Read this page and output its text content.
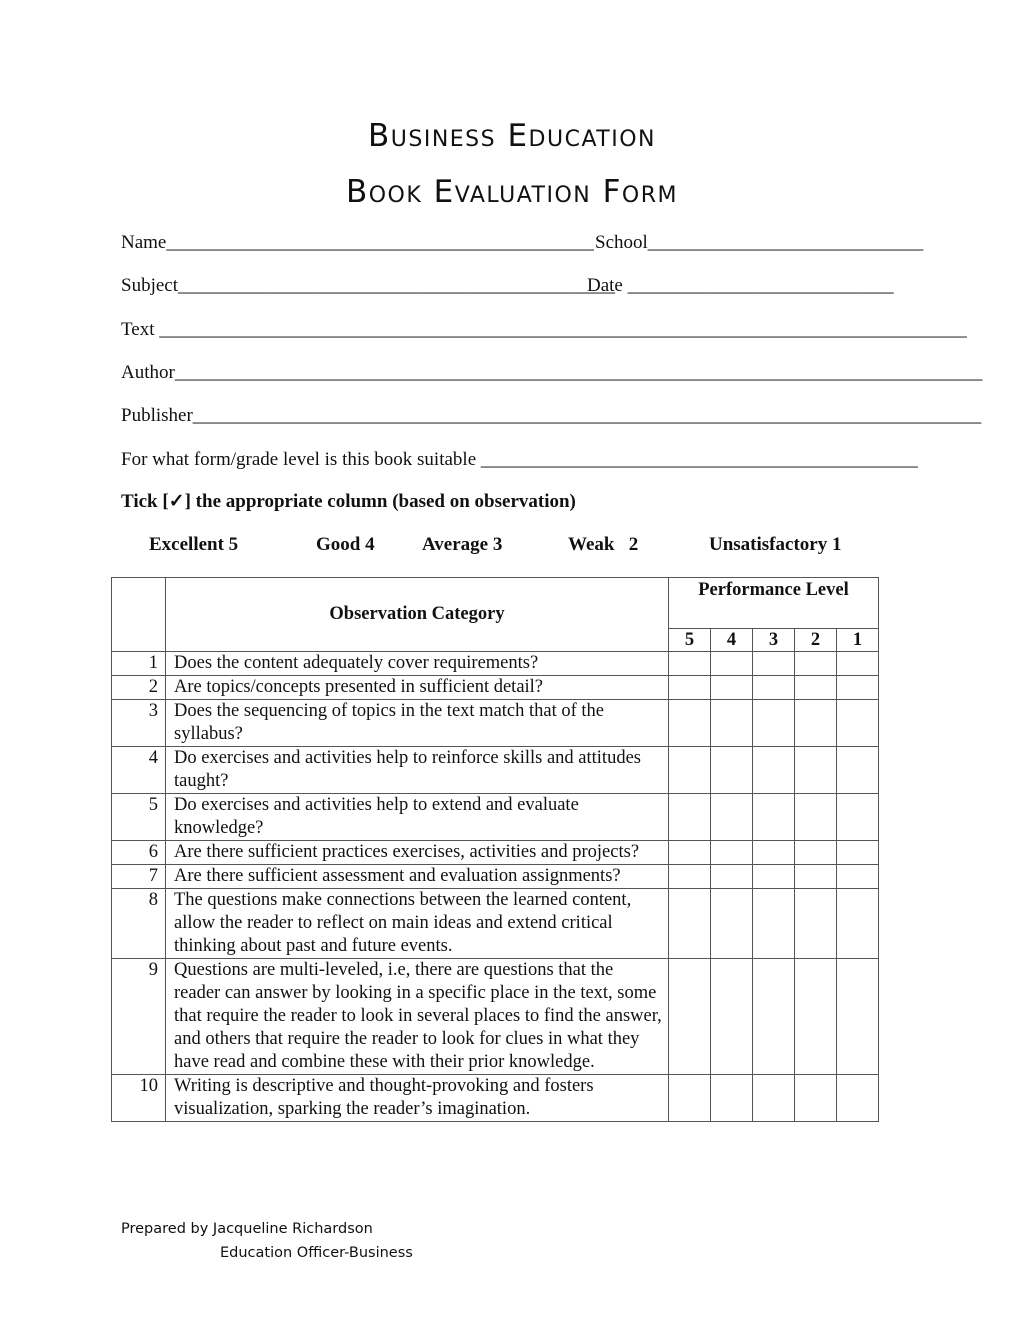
Business Education
Book Evaluation Form
Name_____________________________________________ School_____________________________
Subject______________________________________________
Date ____________________________
Text _____________________________________________________________________________________
Author_____________________________________________________________________________________
Publisher___________________________________________________________________________________
For what form/grade level is this book suitable ______________________________________________
Tick [✓] the appropriate column (based on observation)
Excellent 5	Good 4 Average 3	Weak   2	Unsatisfactory 1
	Observation Category	Performance Level				
		5	4	3	2	1
1	Does the content adequately cover requirements?					
2	Are topics/concepts presented in sufficient detail?					
3	Does the sequencing of topics in the text match that of the syllabus?					
4	Do exercises and activities help to reinforce skills and attitudes taught?					
5	Do exercises and activities help to extend and evaluate knowledge?					
6	Are there sufficient practices exercises, activities and projects?					
7	Are there sufficient assessment and evaluation assignments?					
8	The questions make connections between the learned content, allow the reader to reflect on main ideas and extend critical thinking about past and future events.					
9	Questions are multi-leveled, i.e, there are questions that the reader can answer by looking in a specific place in the text, some that require the reader to look in several places to find the answer, and others that require the reader to look for clues in what they have read and combine these with their prior knowledge.					
10	Writing is descriptive and thought-provoking and fosters visualization, sparking the reader’s imagination.					
Prepared by Jacqueline Richardson
Education Officer-Business
